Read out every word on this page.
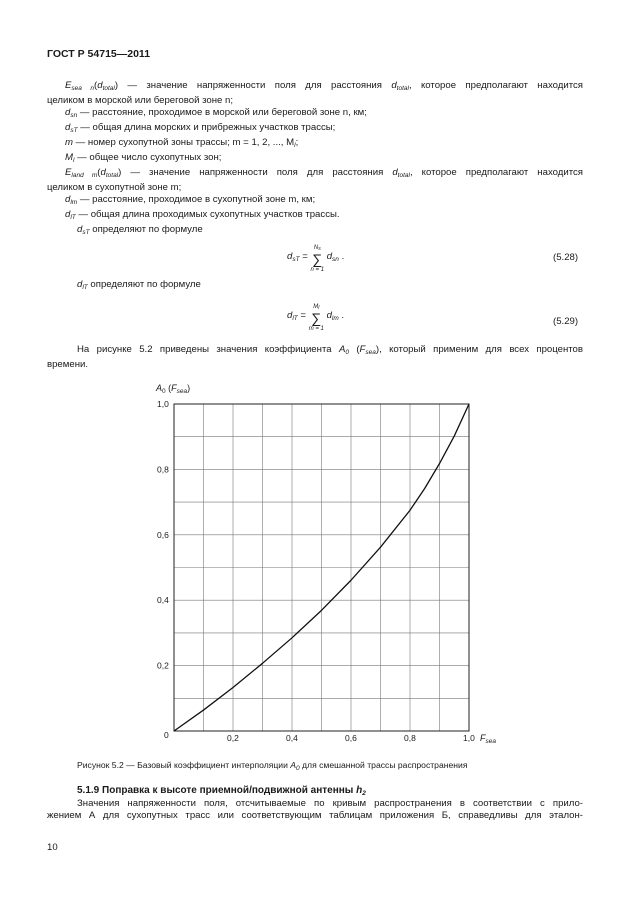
ГОСТ Р 54715—2011
$E_{sea n}(d_{total})$ — значение напряженности поля для расстояния $d_{total}$, которое предполагают находится
целиком в морской или береговой зоне n;
$d_{sn}$ — расстояние, проходимое в морской или береговой зоне n, км;
$d_{sT}$ — общая длина морских и прибрежных участков трассы;
m — номер сухопутной зоны трассы; m = 1, 2, ..., $M_l$;
$M_l$ — общее число сухопутных зон;
$E_{land m}(d_{total})$ — значение напряженности поля для расстояния $d_{total}$, которое предполагают находится
целиком в сухопутной зоне m;
$d_{lm}$ — расстояние, проходимое в сухопутной зоне m, км;
$d_{lT}$ — общая длина проходимых сухопутных участков трассы.
$d_{sT}$ определяют по формуле
$d_{sT}$ =
Ns
∑
n = 1
$d_{sn}$ .	(5.28)
$d_{lT}$ определяют по формуле
$d_{lT}$ =
Ml
∑
m = 1
$d_{lm}$ .
(5.29)
На рисунке 5.2 приведены значения коэффициента $A_0$ $(F_{sea})$, который применим для всех процентов
времени.
$A_0$ $(F_{sea})$
$F_{sea}$
0	0,2	0,4	0,6	0,8	1,0
0,2
0,4
0,6
0,8
1,0
Рисунок 5.2 — Базовый коэффициент интерполяции $A_0$ для смешанной трассы распространения
5.1.9 Поправка к высоте приемной/подвижной антенны $h_2$
Значения напряженности поля, отсчитываемые по кривым распространения в соответствии с прило-
жением А для сухопутных трасс или соответствующим таблицам приложения Б, справедливы для эталон-
10
